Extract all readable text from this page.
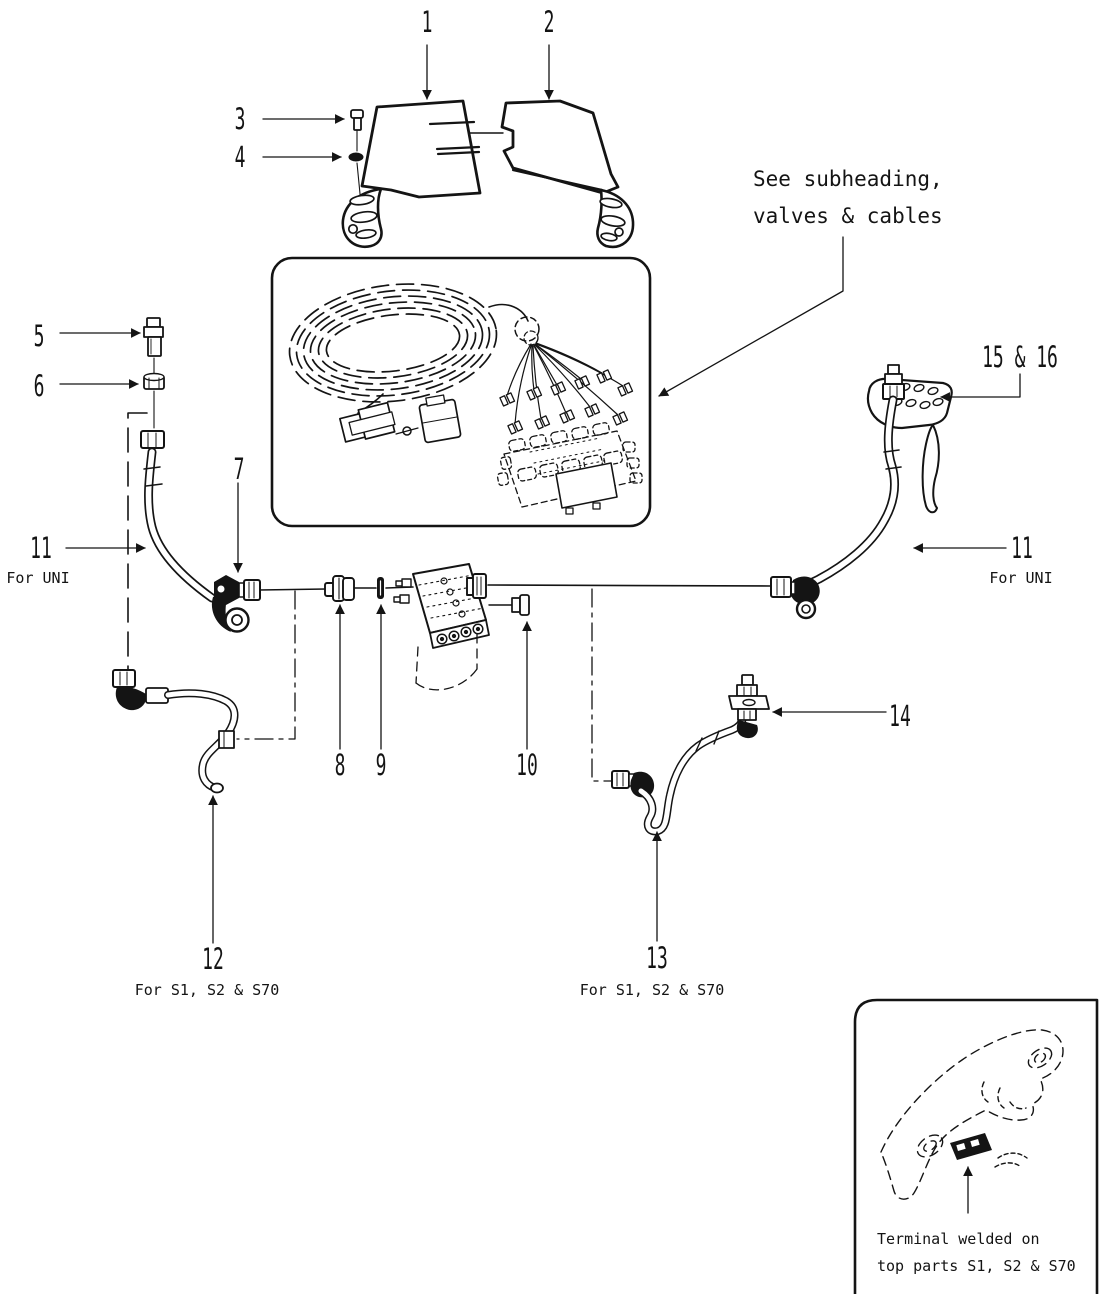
1	2
3
4
5
6
7
8 9	10
11	11
12	13
14
15 & 16
For UNI	For UNI
For S1, S2 & S70	For S1, S2 & S70
See subheading,
valves & cables
Terminal welded on
top parts S1, S2 & S70
